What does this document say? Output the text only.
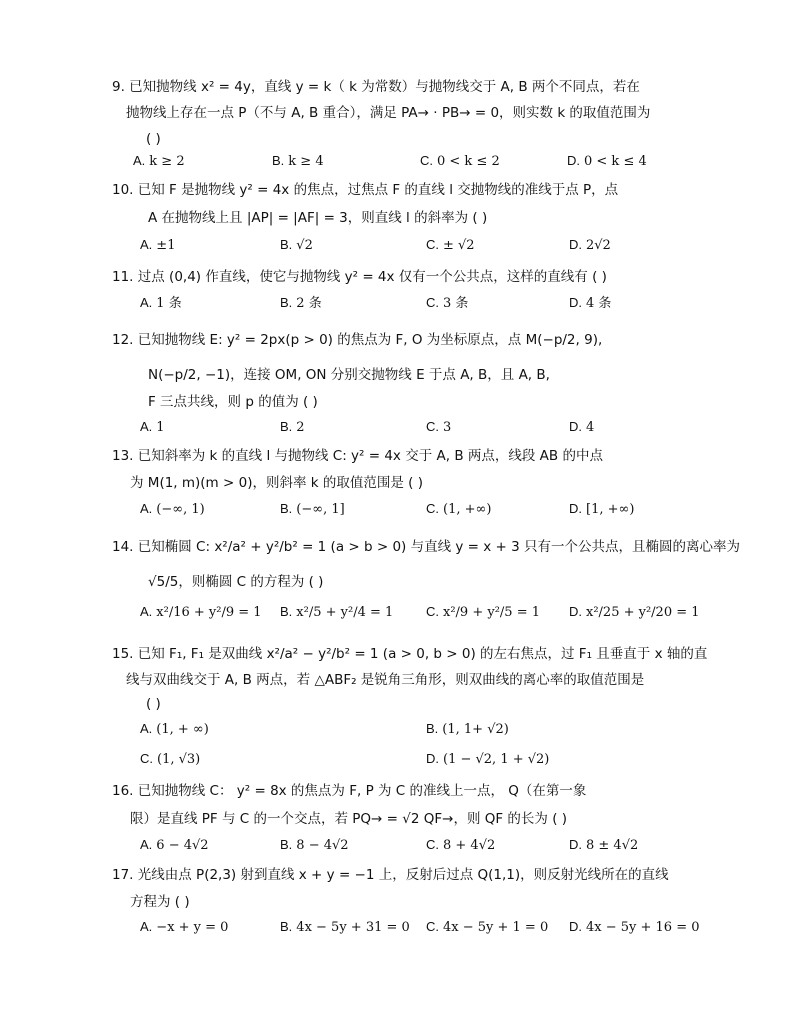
9. 已知抛物线 x² = 4y，直线 y = k（ k 为常数）与抛物线交于 A, B 两个不同点，若在
抛物线上存在一点 P（不与 A, B 重合），满足 PA→ · PB→ = 0，则实数 k 的取值范围为
( )
A. k ≥ 2	B. k ≥ 4	C. 0 < k ≤ 2	D. 0 < k ≤ 4
10. 已知 F 是抛物线 y² = 4x 的焦点，过焦点 F 的直线 l 交抛物线的准线于点 P，点
A 在抛物线上且 |AP| = |AF| = 3，则直线 l 的斜率为 ( )
A. ±1	B. √2	C. ± √2	D. 2√2
11. 过点 (0,4) 作直线，使它与抛物线 y² = 4x 仅有一个公共点，这样的直线有 ( )
A. 1 条	B. 2 条	C. 3 条	D. 4 条
12. 已知抛物线 E: y² = 2px(p > 0) 的焦点为 F, O 为坐标原点，点 M(−p/2, 9),
N(−p/2, −1)，连接 OM, ON 分别交抛物线 E 于点 A, B，且 A, B,
F 三点共线，则 p 的值为 ( )
A. 1	B. 2	C. 3	D. 4
13. 已知斜率为 k 的直线 l 与抛物线 C: y² = 4x 交于 A, B 两点，线段 AB 的中点
为 M(1, m)(m > 0)，则斜率 k 的取值范围是 ( )
A. (−∞, 1)	B. (−∞, 1]	C. (1, +∞)	D. [1, +∞)
14. 已知椭圆 C: x²/a² + y²/b² = 1 (a > b > 0) 与直线 y = x + 3 只有一个公共点，且椭圆的离心率为
√5/5，则椭圆 C 的方程为 ( )
A. x²/16 + y²/9 = 1 B. x²/5 + y²/4 = 1	C. x²/9 + y²/5 = 1 D. x²/25 + y²/20 = 1
15. 已知 F₁, F₁ 是双曲线 x²/a² − y²/b² = 1 (a > 0, b > 0) 的左右焦点，过 F₁ 且垂直于 x 轴的直
线与双曲线交于 A, B 两点，若 △ABF₂ 是锐角三角形，则双曲线的离心率的取值范围是
( )
A. (1, + ∞)	B. (1, 1+ √2)
C. (1, √3)	D. (1 − √2, 1 + √2)
16. 已知抛物线 C： y² = 8x 的焦点为 F, P 为 C 的准线上一点， Q（在第一象
限）是直线 PF 与 C 的一个交点，若 PQ→ = √2 QF→，则 QF 的长为 ( )
A. 6 − 4√2	B. 8 − 4√2	C. 8 + 4√2	D. 8 ± 4√2
17. 光线由点 P(2,3) 射到直线 x + y = −1 上，反射后过点 Q(1,1)，则反射光线所在的直线
方程为 ( )
A. −x + y = 0	B. 4x − 5y + 31 = 0 C. 4x − 5y + 1 = 0 D. 4x − 5y + 16 = 0
